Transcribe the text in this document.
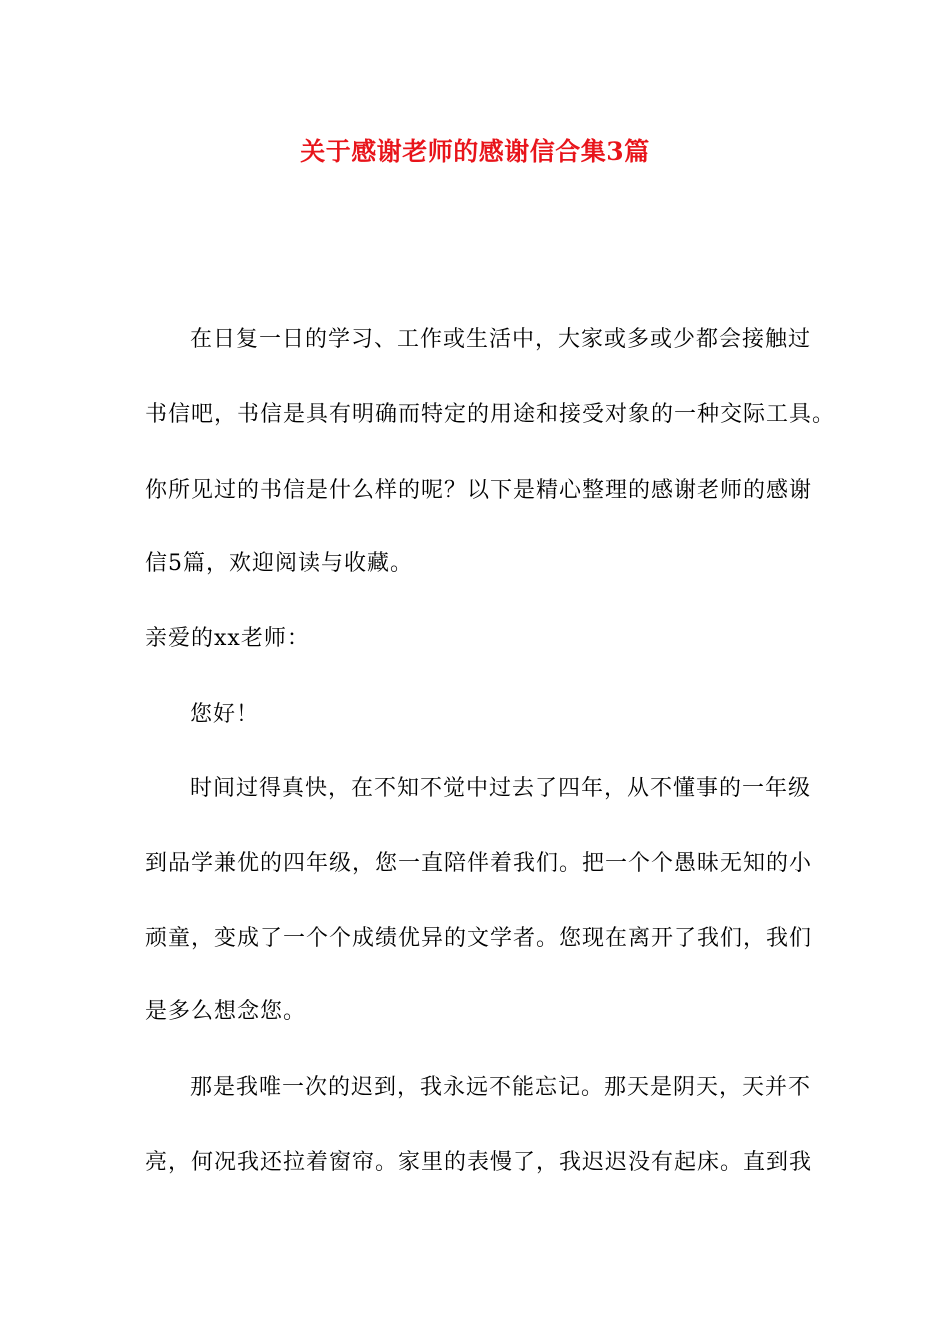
关于感谢老师的感谢信合集3篇
在日复一日的学习、工作或生活中，大家或多或少都会接触过
书信吧，书信是具有明确而特定的用途和接受对象的一种交际工具。
你所见过的书信是什么样的呢？以下是精心整理的感谢老师的感谢
信5篇，欢迎阅读与收藏。
亲爱的xx老师：
您好！
时间过得真快，在不知不觉中过去了四年，从不懂事的一年级
到品学兼优的四年级，您一直陪伴着我们。把一个个愚昧无知的小
顽童，变成了一个个成绩优异的文学者。您现在离开了我们，我们
是多么想念您。
那是我唯一次的迟到，我永远不能忘记。那天是阴天，天并不
亮，何况我还拉着窗帘。家里的表慢了，我迟迟没有起床。直到我
